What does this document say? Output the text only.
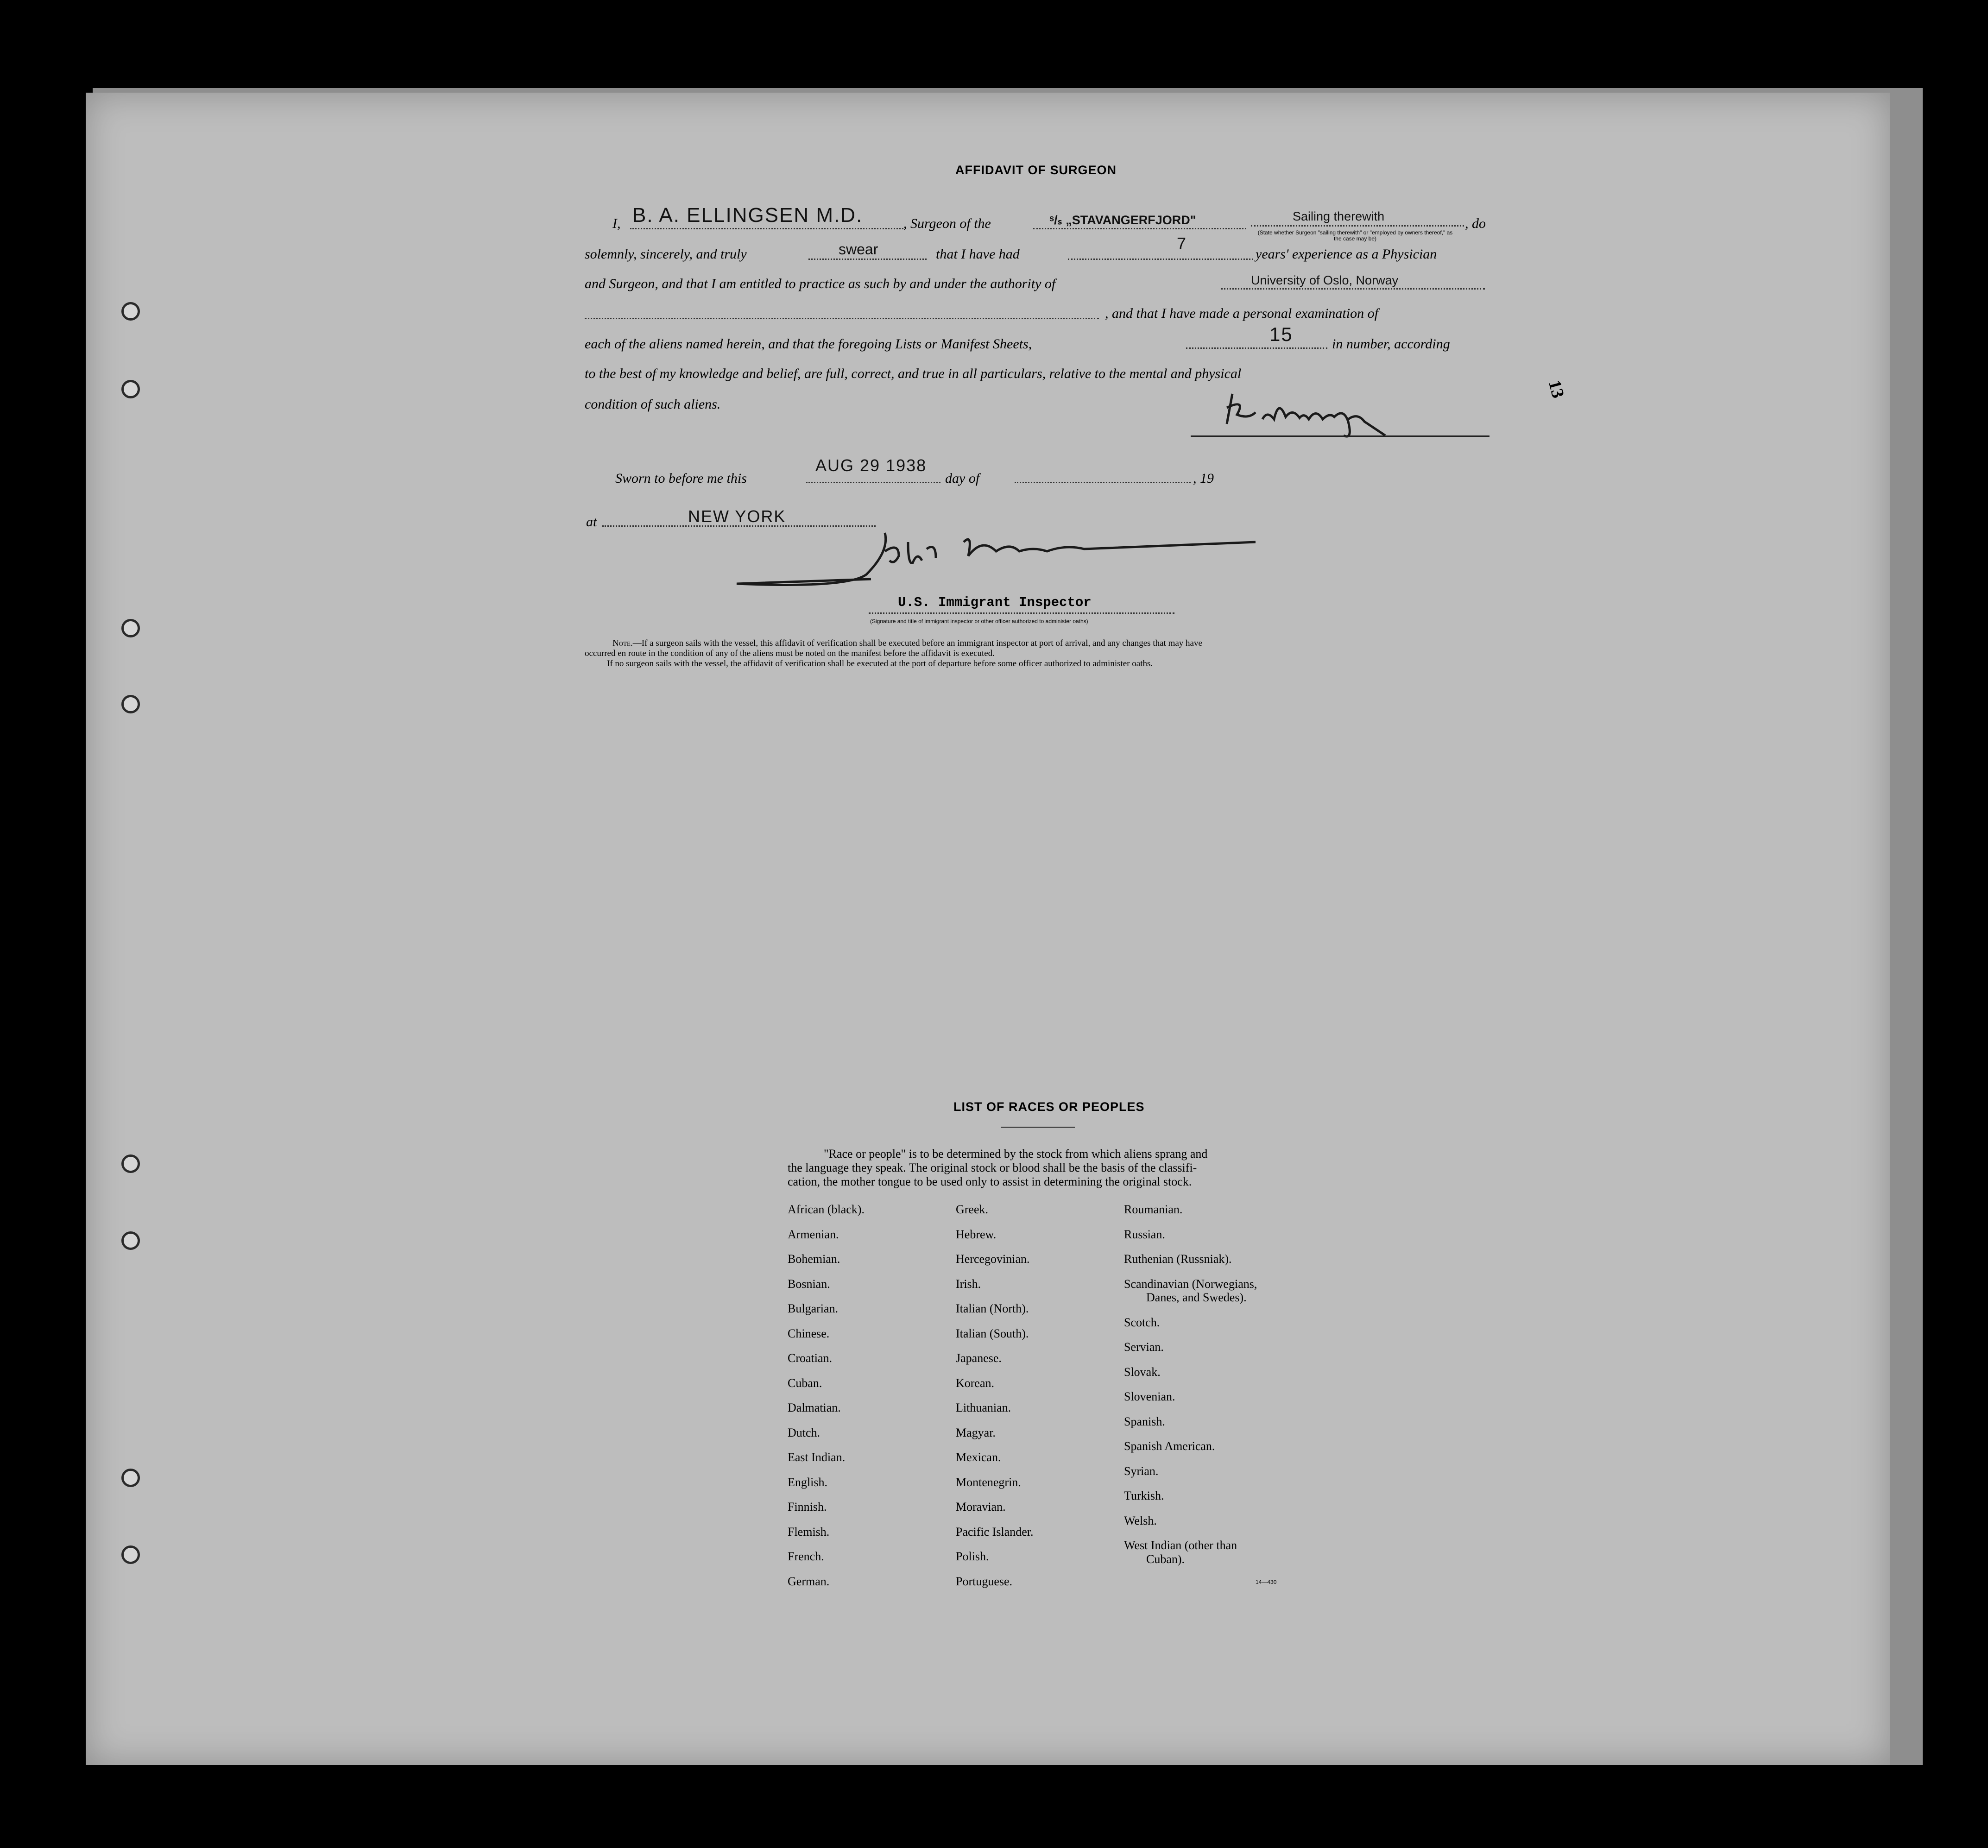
AFFIDAVIT OF SURGEON
I, B. A. ELLINGSEN M.D.	, Surgeon of the	ˢ/ₛ „STAVANGERFJORD"	Sailing therewith	, do
(State whether Surgeon "sailing therewith" or "employed by owners thereof," as the case may be)
solemnly, sincerely, and truly	swear	that I have had
7
years' experience as a Physician
and Surgeon, and that I am entitled to practice as such by and under the authority of	University of Oslo, Norway
, and that I have made a personal examination of
each of the aliens named herein, and that the foregoing Lists or Manifest Sheets,	15	in number, according
to the best of my knowledge and belief, are full, correct, and true in all particulars, relative to the mental and physical
condition of such aliens.
13
Sworn to before me this
AUG 29 1938
day of	, 19
at	NEW YORK
U.S. Immigrant Inspector
(Signature and title of immigrant inspector or other officer authorized to administer oaths)
Note.—If a surgeon sails with the vessel, this affidavit of verification shall be executed before an immigrant inspector at port of arrival, and any changes that may have
occurred en route in the condition of any of the aliens must be noted on the manifest before the affidavit is executed.
If no surgeon sails with the vessel, the affidavit of verification shall be executed at the port of departure before some officer authorized to administer oaths.
LIST OF RACES OR PEOPLES
"Race or people" is to be determined by the stock from which aliens sprang and
the language they speak. The original stock or blood shall be the basis of the classifi-
cation, the mother tongue to be used only to assist in determining the original stock.
African (black).
Armenian.
Bohemian.
Bosnian.
Bulgarian.
Chinese.
Croatian.
Cuban.
Dalmatian.
Dutch.
East Indian.
English.
Finnish.
Flemish.
French.
German.
Greek.
Hebrew.
Hercegovinian.
Irish.
Italian (North).
Italian (South).
Japanese.
Korean.
Lithuanian.
Magyar.
Mexican.
Montenegrin.
Moravian.
Pacific Islander.
Polish.
Portuguese.
Roumanian.
Russian.
Ruthenian (Russniak).
Scandinavian (Norwegians,
Danes, and Swedes).
Scotch.
Servian.
Slovak.
Slovenian.
Spanish.
Spanish American.
Syrian.
Turkish.
Welsh.
West Indian (other than
Cuban).
14—430
